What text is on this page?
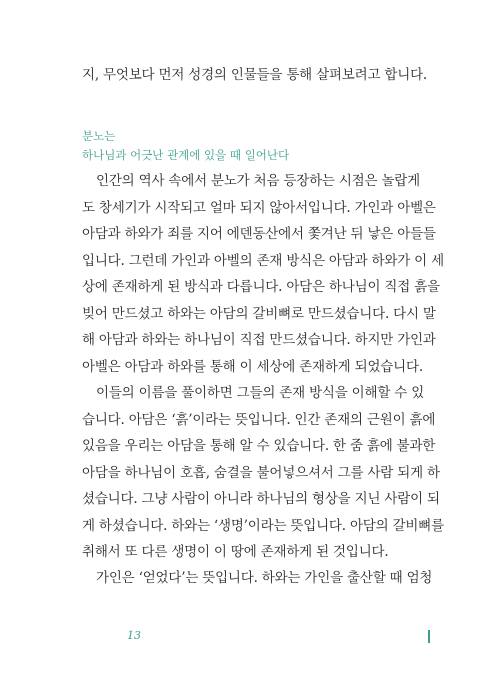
지, 무엇보다 먼저 성경의 인물들을 통해 살펴보려고 합니다.
분노는
하나님과 어긋난 관계에 있을 때 일어난다
인간의 역사 속에서 분노가 처음 등장하는 시점은 놀랍게
도 창세기가 시작되고 얼마 되지 않아서입니다. 가인과 아벨은
아담과 하와가 죄를 지어 에덴동산에서 쫓겨난 뒤 낳은 아들들
입니다. 그런데 가인과 아벨의 존재 방식은 아담과 하와가 이 세
상에 존재하게 된 방식과 다릅니다. 아담은 하나님이 직접 흙을
빚어 만드셨고 하와는 아담의 갈비뼈로 만드셨습니다. 다시 말
해 아담과 하와는 하나님이 직접 만드셨습니다. 하지만 가인과
아벨은 아담과 하와를 통해 이 세상에 존재하게 되었습니다.
이들의 이름을 풀이하면 그들의 존재 방식을 이해할 수 있
습니다. 아담은 ‘흙’이라는 뜻입니다. 인간 존재의 근원이 흙에
있음을 우리는 아담을 통해 알 수 있습니다. 한 줌 흙에 불과한
아담을 하나님이 호흡, 숨결을 불어넣으셔서 그를 사람 되게 하
셨습니다. 그냥 사람이 아니라 하나님의 형상을 지닌 사람이 되
게 하셨습니다. 하와는 ‘생명’이라는 뜻입니다. 아담의 갈비뼈를
취해서 또 다른 생명이 이 땅에 존재하게 된 것입니다.
가인은 ‘얻었다’는 뜻입니다. 하와는 가인을 출산할 때 엄청
13
